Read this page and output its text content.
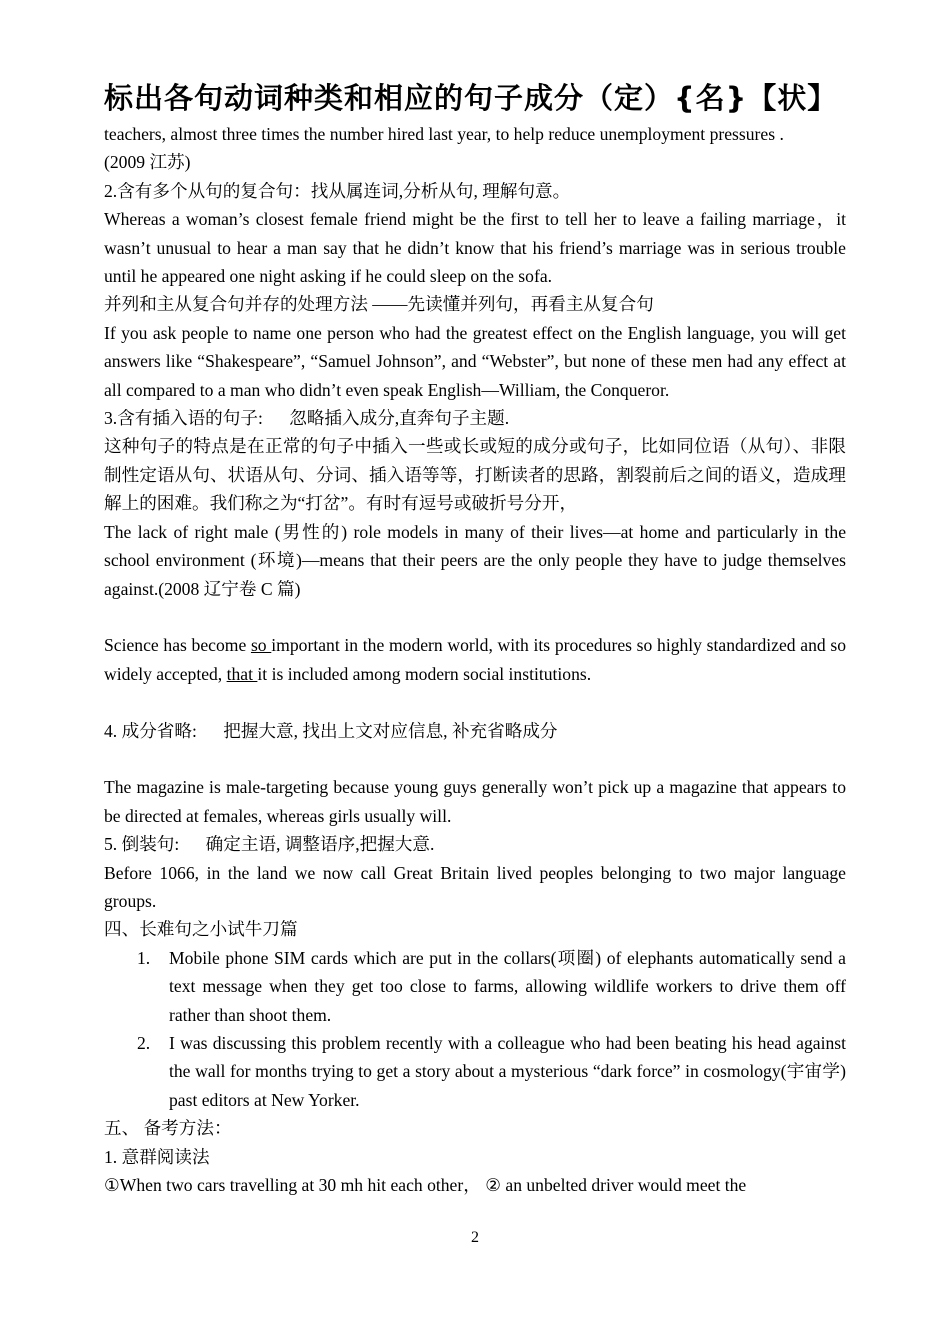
标出各句动词种类和相应的句子成分（定）{名}【状】

teachers, almost three times the number hired last year, to help reduce unemployment pressures .

(2009 江苏)

2.含有多个从句的复合句：找从属连词,分析从句, 理解句意。

Whereas a woman’s closest female friend might be the first to tell her to leave a failing marriage，it wasn’t unusual to hear a man say that he didn’t know that his friend’s marriage was in serious trouble until he appeared one night asking if he could sleep on the sofa.

并列和主从复合句并存的处理方法 ——先读懂并列句，再看主从复合句

If you ask people to name one person who had the greatest effect on the English language, you will get answers like “Shakespeare”, “Samuel Johnson”, and “Webster”, but none of these men had any effect at all compared to a man who didn’t even speak English—William, the Conqueror.

3.含有插入语的句子:      忽略插入成分,直奔句子主题.

这种句子的特点是在正常的句子中插入一些或长或短的成分或句子，比如同位语（从句）、非限制性定语从句、状语从句、分词、插入语等等，打断读者的思路，割裂前后之间的语义，造成理解上的困难。我们称之为“打岔”。有时有逗号或破折号分开，

The lack of right male (男性的) role models in many of their lives—at home and particularly in the school environment (环境)—means that their peers are the only people they have to judge themselves against.(2008 辽宁卷 C 篇)

Science has become so important in the modern world, with its procedures so highly standardized and so widely accepted, that it is included among modern social institutions.

4. 成分省略:      把握大意, 找出上文对应信息, 补充省略成分

The magazine is male-targeting because young guys generally won’t pick up a magazine that appears to be directed at females, whereas girls usually will.

5. 倒装句:      确定主语, 调整语序,把握大意.

Before 1066, in the land we now call Great Britain lived peoples belonging to two major language groups.

四、长难句之小试牛刀篇

1. Mobile phone SIM cards which are put in the collars(项圈) of elephants automatically send a text message when they get too close to farms, allowing wildlife workers to drive them off rather than shoot them.
2. I was discussing this problem recently with a colleague who had been beating his head against the wall for months trying to get a story about a mysterious “dark force” in cosmology(宇宙学) past editors at New Yorker.

五、 备考方法：

1. 意群阅读法

①When two cars travelling at 30 mh hit each other， ② an unbelted driver would meet the

2
